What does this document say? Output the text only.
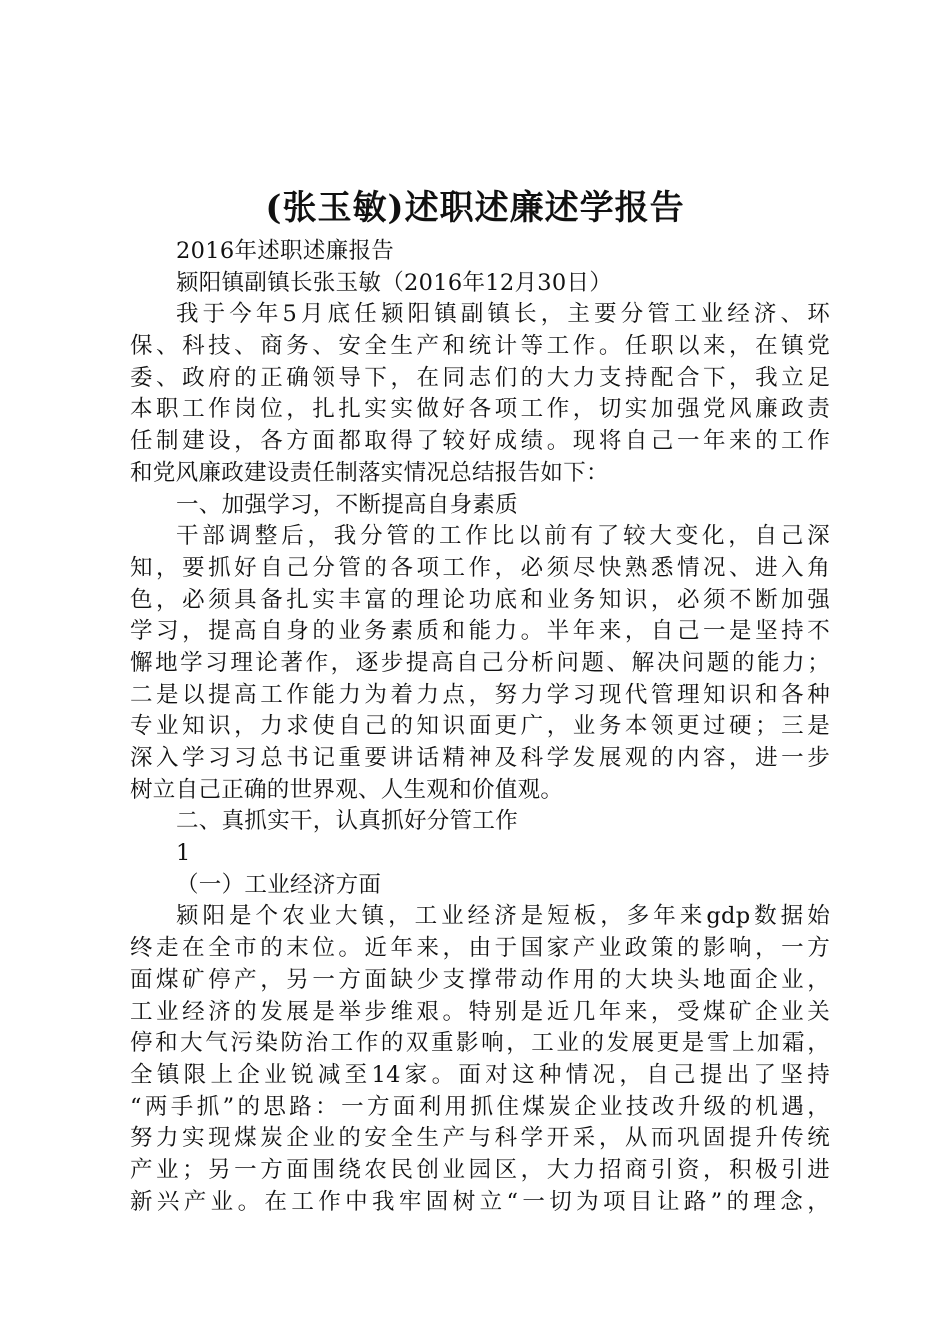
(张玉敏)述职述廉述学报告
2016年述职述廉报告
颍阳镇副镇长张玉敏（2016年12月30日）
我于今年5月底任颍阳镇副镇长，主要分管工业经济、环
保、科技、商务、安全生产和统计等工作。任职以来，在镇党
委、政府的正确领导下，在同志们的大力支持配合下，我立足
本职工作岗位，扎扎实实做好各项工作，切实加强党风廉政责
任制建设，各方面都取得了较好成绩。现将自己一年来的工作
和党风廉政建设责任制落实情况总结报告如下：
一、加强学习，不断提高自身素质
干部调整后，我分管的工作比以前有了较大变化，自己深
知，要抓好自己分管的各项工作，必须尽快熟悉情况、进入角
色，必须具备扎实丰富的理论功底和业务知识，必须不断加强
学习，提高自身的业务素质和能力。半年来，自己一是坚持不
懈地学习理论著作，逐步提高自己分析问题、解决问题的能力；
二是以提高工作能力为着力点，努力学习现代管理知识和各种
专业知识，力求使自己的知识面更广，业务本领更过硬；三是
深入学习习总书记重要讲话精神及科学发展观的内容，进一步
树立自己正确的世界观、人生观和价值观。
二、真抓实干，认真抓好分管工作
1
（一）工业经济方面
颍阳是个农业大镇，工业经济是短板，多年来gdp数据始
终走在全市的末位。近年来，由于国家产业政策的影响，一方
面煤矿停产，另一方面缺少支撑带动作用的大块头地面企业，
工业经济的发展是举步维艰。特别是近几年来，受煤矿企业关
停和大气污染防治工作的双重影响，工业的发展更是雪上加霜，
全镇限上企业锐减至14家。面对这种情况，自己提出了坚持
“两手抓”的思路：一方面利用抓住煤炭企业技改升级的机遇，
努力实现煤炭企业的安全生产与科学开采，从而巩固提升传统
产业；另一方面围绕农民创业园区，大力招商引资，积极引进
新兴产业。在工作中我牢固树立“一切为项目让路”的理念，
